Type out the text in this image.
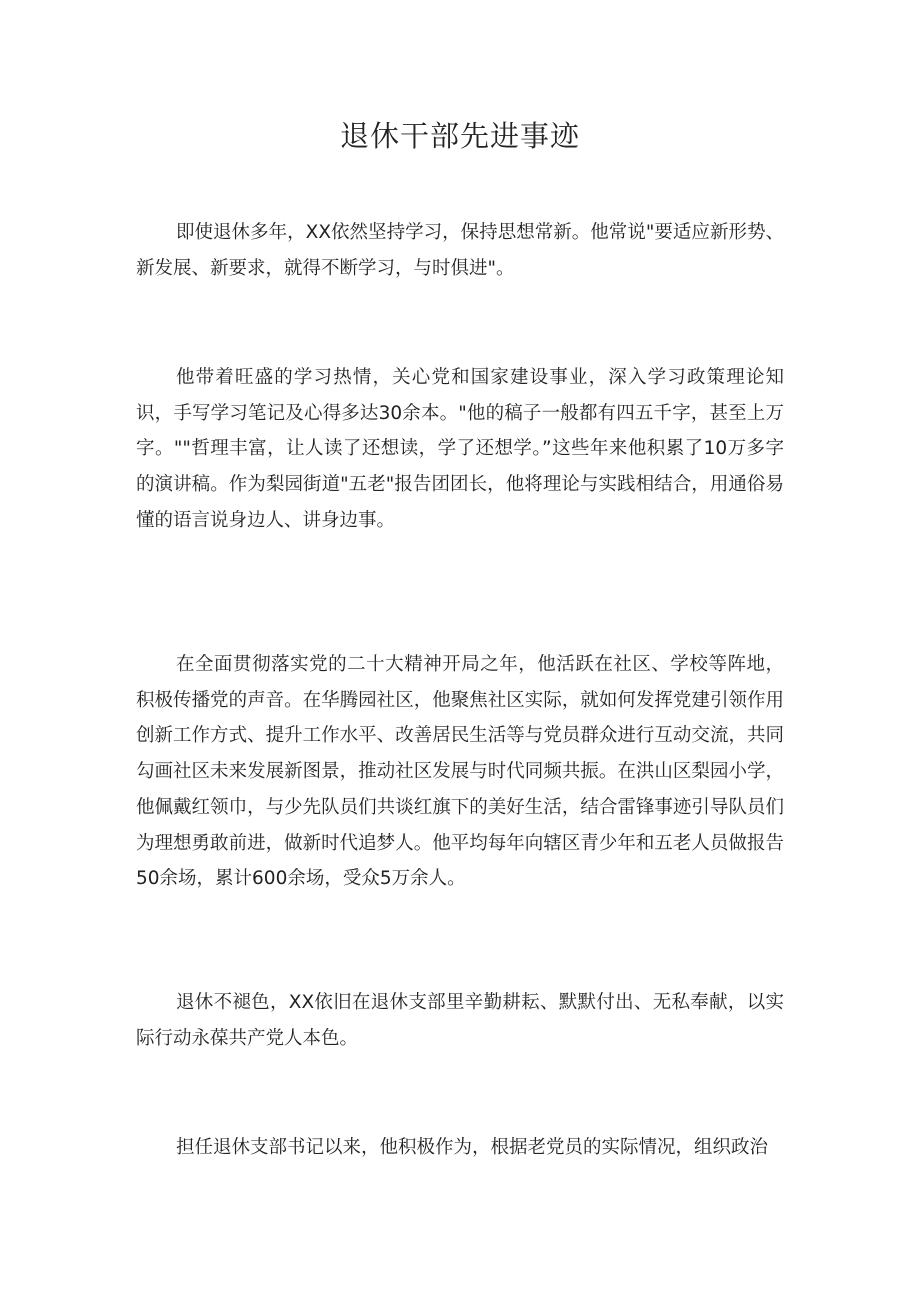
退休干部先进事迹

即使退休多年，XX依然坚持学习，保持思想常新。他常说"要适应新形势、新发展、新要求，就得不断学习，与时俱进"。

他带着旺盛的学习热情，关心党和国家建设事业，深入学习政策理论知识，手写学习笔记及心得多达30余本。"他的稿子一般都有四五千字，甚至上万字。""哲理丰富，让人读了还想读，学了还想学。”这些年来他积累了10万多字的演讲稿。作为梨园街道"五老"报告团团长，他将理论与实践相结合，用通俗易懂的语言说身边人、讲身边事。

在全面贯彻落实党的二十大精神开局之年，他活跃在社区、学校等阵地，积极传播党的声音。在华腾园社区，他聚焦社区实际，就如何发挥党建引领作用创新工作方式、提升工作水平、改善居民生活等与党员群众进行互动交流，共同勾画社区未来发展新图景，推动社区发展与时代同频共振。在洪山区梨园小学，他佩戴红领巾，与少先队员们共谈红旗下的美好生活，结合雷锋事迹引导队员们为理想勇敢前进，做新时代追梦人。他平均每年向辖区青少年和五老人员做报告50余场，累计600余场，受众5万余人。

退休不褪色，XX依旧在退休支部里辛勤耕耘、默默付出、无私奉献，以实际行动永葆共产党人本色。

担任退休支部书记以来，他积极作为，根据老党员的实际情况，组织政治
